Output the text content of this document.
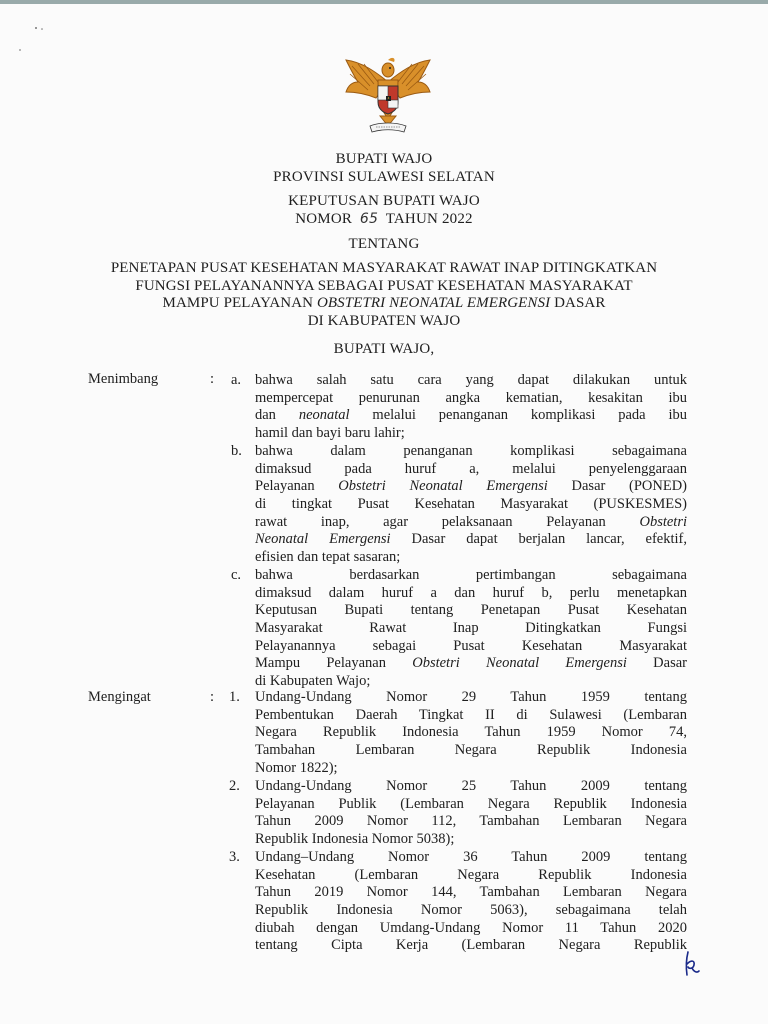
BUPATI WAJO
PROVINSI SULAWESI SELATAN
KEPUTUSAN BUPATI WAJO
NOMOR 65 TAHUN 2022
TENTANG
PENETAPAN PUSAT KESEHATAN MASYARAKAT RAWAT INAP DITINGKATKAN
FUNGSI PELAYANANNYA SEBAGAI PUSAT KESEHATAN MASYARAKAT
MAMPU PELAYANAN OBSTETRI NEONATAL EMERGENSI DASAR
DI KABUPATEN WAJO
BUPATI WAJO,
Menimbang	: a. bahwa salah satu cara yang dapat dilakukan untuk
mempercepat penurunan angka kematian, kesakitan ibu
dan neonatal melalui penanganan komplikasi pada ibu
hamil dan bayi baru lahir;
b. bahwa dalam penanganan komplikasi sebagaimana
dimaksud pada huruf a, melalui penyelenggaraan
Pelayanan Obstetri Neonatal Emergensi Dasar (PONED)
di tingkat Pusat Kesehatan Masyarakat (PUSKESMES)
rawat inap, agar pelaksanaan Pelayanan Obstetri
Neonatal Emergensi Dasar dapat berjalan lancar, efektif,
efisien dan tepat sasaran;
c. bahwa berdasarkan pertimbangan sebagaimana
dimaksud dalam huruf a dan huruf b, perlu menetapkan
Keputusan Bupati tentang Penetapan Pusat Kesehatan
Masyarakat Rawat Inap Ditingkatkan Fungsi
Pelayanannya sebagai Pusat Kesehatan Masyarakat
Mampu Pelayanan Obstetri Neonatal Emergensi Dasar
di Kabupaten Wajo;
Mengingat	: 1. Undang-Undang Nomor 29 Tahun 1959 tentang
Pembentukan Daerah Tingkat II di Sulawesi (Lembaran
Negara Republik Indonesia Tahun 1959 Nomor 74,
Tambahan Lembaran Negara Republik Indonesia
Nomor 1822);
2. Undang-Undang Nomor 25 Tahun 2009 tentang
Pelayanan Publik (Lembaran Negara Republik Indonesia
Tahun 2009 Nomor 112, Tambahan Lembaran Negara
Republik Indonesia Nomor 5038);
3. Undang–Undang Nomor 36 Tahun 2009 tentang
Kesehatan (Lembaran Negara Republik Indonesia
Tahun 2019 Nomor 144, Tambahan Lembaran Negara
Republik Indonesia Nomor 5063), sebagaimana telah
diubah dengan Umdang-Undang Nomor 11 Tahun 2020
tentang Cipta Kerja (Lembaran Negara Republik
